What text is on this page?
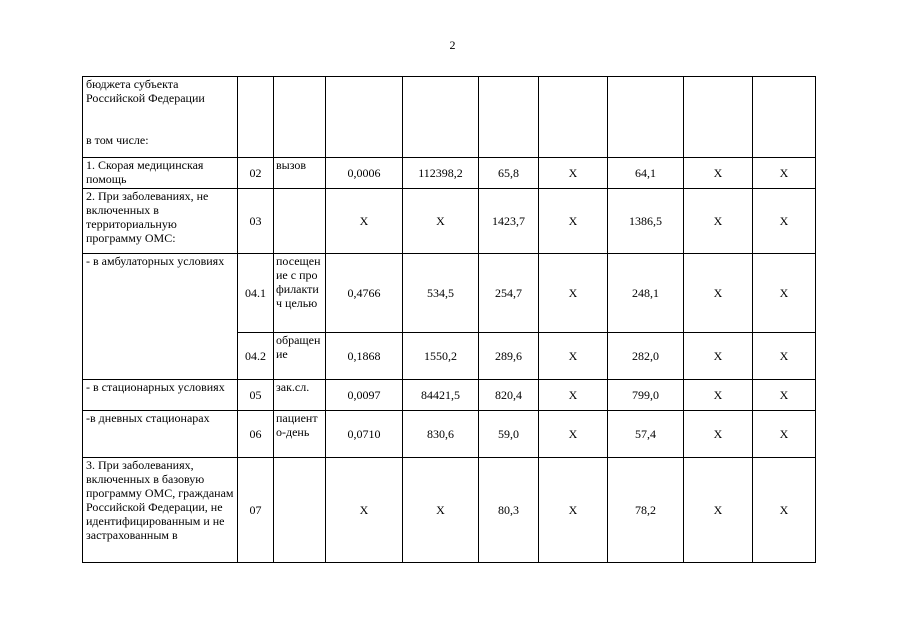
2
бюджета субъекта
Российской Федерации

в том числе:									

1. Скорая медицинская помощь	02	вызов	0,0006	112398,2	65,8	Х	64,1	Х	Х
2. При заболеваниях, не включенных в территориальную программу ОМС:	03		Х	Х	1423,7	Х	1386,5	Х	Х
- в амбулаторных условиях	04.1	посещение с профилактич целью	0,4766	534,5	254,7	Х	248,1	Х	Х
	04.2	обращение	0,1868	1550,2	289,6	Х	282,0	Х	Х
- в стационарных условиях	05	зак.сл.	0,0097	84421,5	820,4	Х	799,0	Х	Х
-в дневных стационарах	06	пациенто-день	0,0710	830,6	59,0	Х	57,4	Х	Х
3. При заболеваниях, включенных в базовую программу ОМС, гражданам Российской Федерации, не идентифицированным и не застрахованным в	07		Х	Х	80,3	Х	78,2	Х	Х
